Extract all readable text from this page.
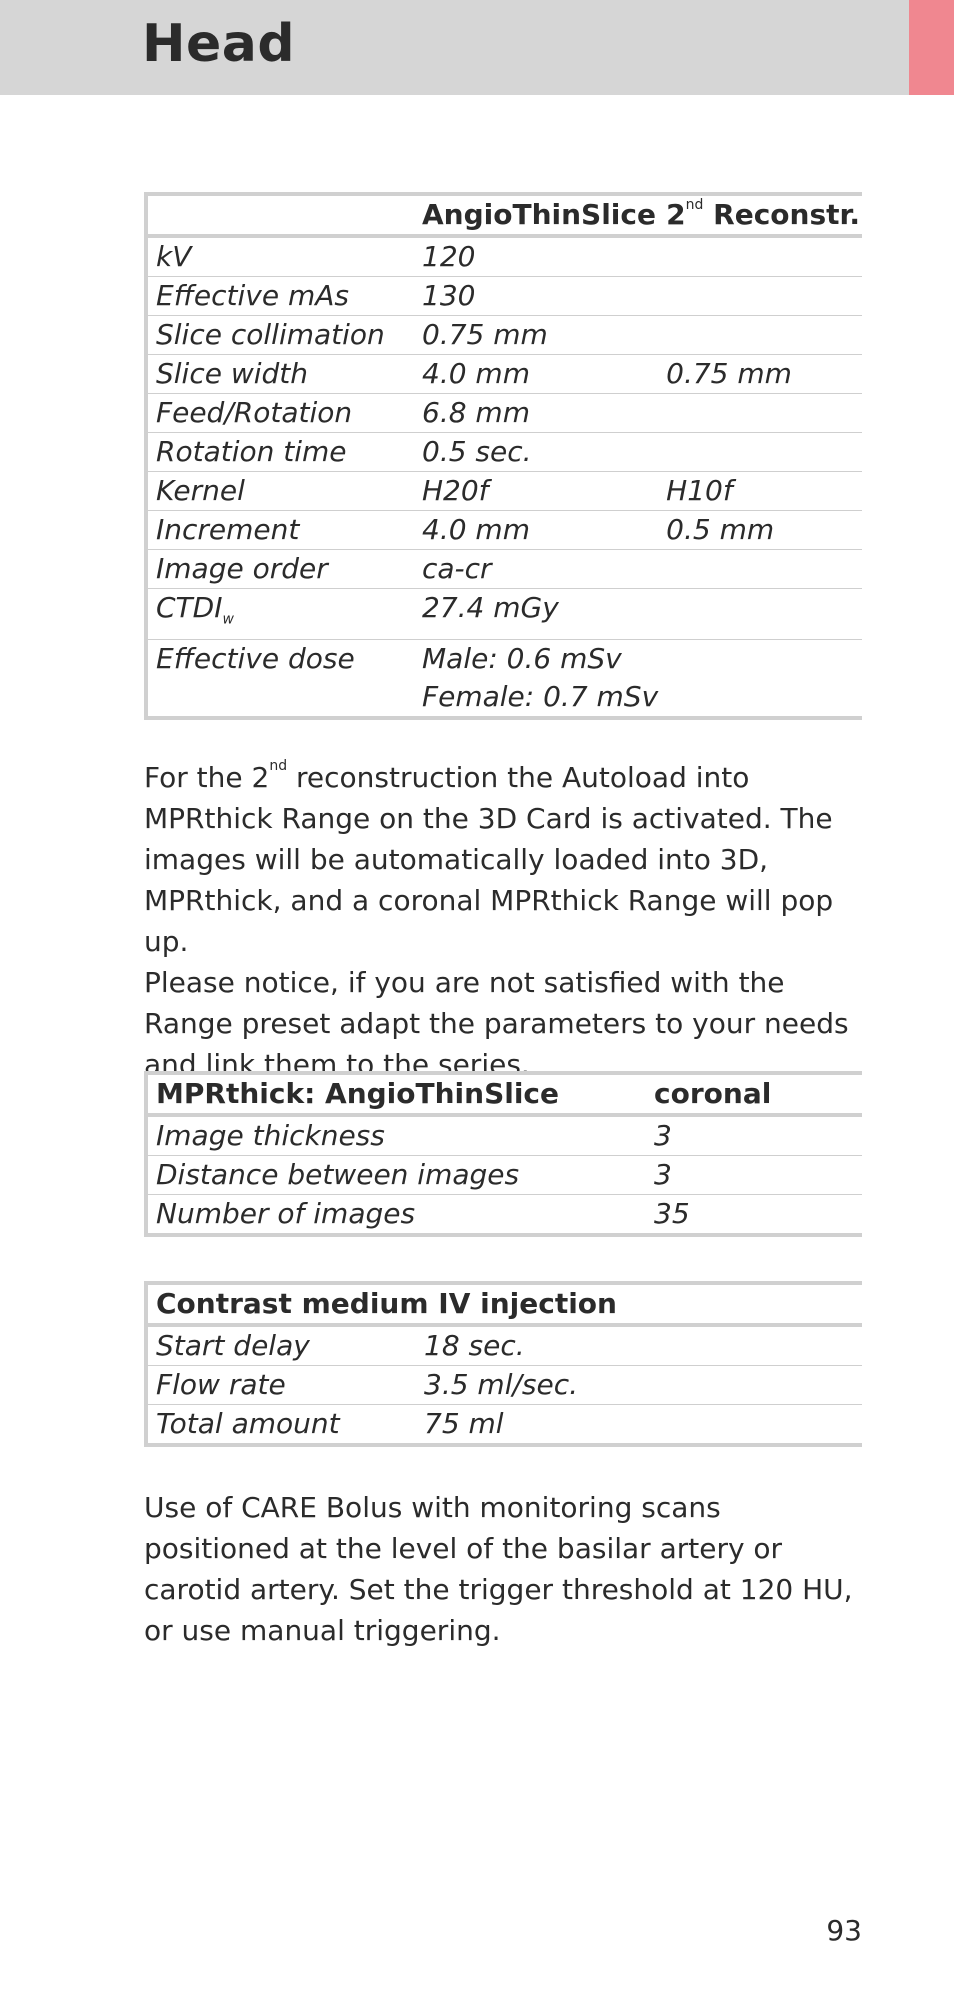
Head
	AngioThinSlice	2nd Reconstr.
kV	120	
Effective mAs	130	
Slice collimation	0.75 mm	
Slice width	4.0 mm	0.75 mm
Feed/Rotation	6.8 mm	
Rotation time	0.5 sec.	
Kernel	H20f	H10f
Increment	4.0 mm	0.5 mm
Image order	ca-cr	
$CTDI_w$	27.4 mGy	
Effective dose	Male: 0.6 mSv	
	Female: 0.7 mSv	
For the 2nd reconstruction the Autoload into MPRthick Range on the 3D Card is activated. The images will be automatically loaded into 3D, MPRthick, and a coronal MPRthick Range will pop up.
Please notice, if you are not satisfied with the Range preset adapt the parameters to your needs and link them to the series.
MPRthick: AngioThinSlice	coronal
Image thickness	3
Distance between images	3
Number of images	35
Contrast medium IV injection	
Start delay	18 sec.
Flow rate	3.5 ml/sec.
Total amount	75 ml
Use of CARE Bolus with monitoring scans positioned at the level of the basilar artery or carotid artery. Set the trigger threshold at 120 HU, or use manual triggering.
93
